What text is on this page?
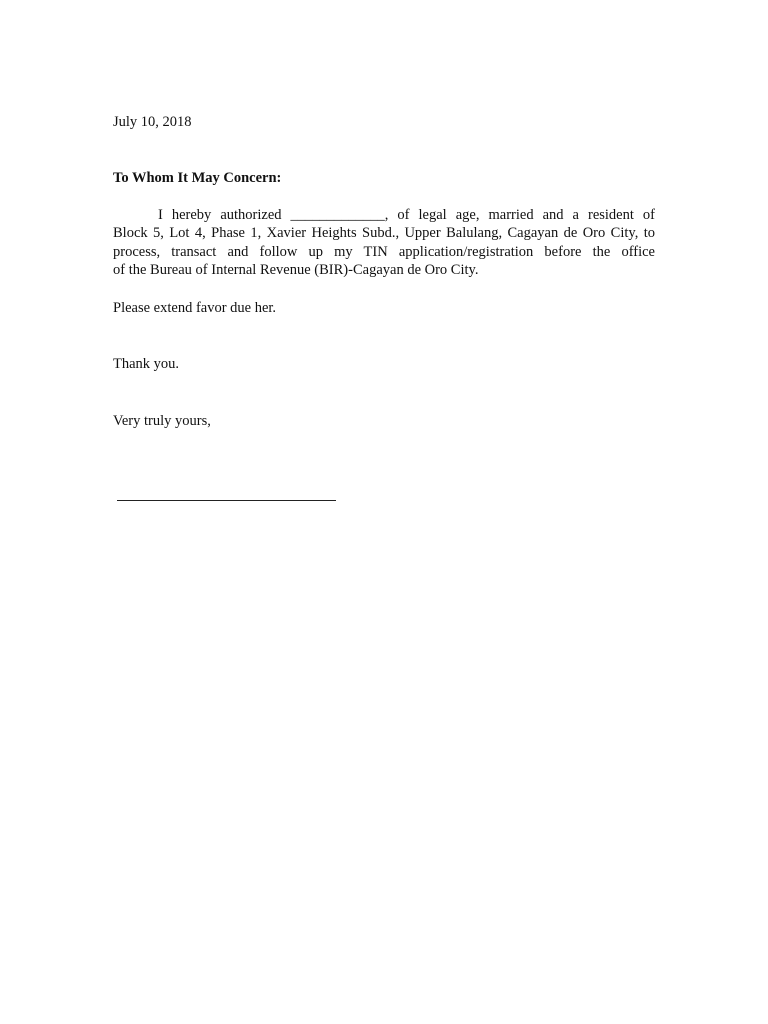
July 10, 2018
To Whom It May Concern:
I hereby authorized _____________, of legal age, married and a resident of
Block 5, Lot 4, Phase 1, Xavier Heights Subd., Upper Balulang, Cagayan de Oro City, to
process, transact and follow up my TIN application/registration before the office
of the Bureau of Internal Revenue (BIR)-Cagayan de Oro City.
Please extend favor due her.
Thank you.
Very truly yours,
